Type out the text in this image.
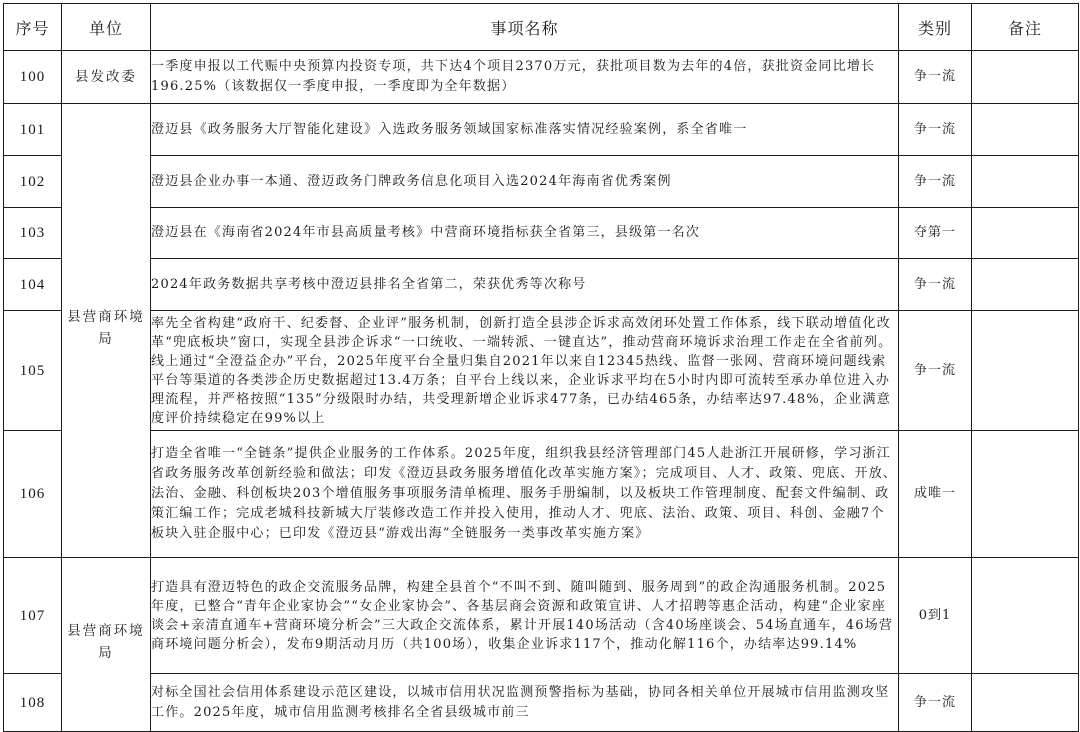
序号	单位	事项名称	类别	备注
100	县发改委	一季度申报以工代赈中央预算内投资专项，共下达4个项目2370万元，获批项目数为去年的4倍，获批资金同比增长196.25%（该数据仅一季度申报，一季度即为全年数据）	争一流	
101	县营商环境局	澄迈县《政务服务大厅智能化建设》入选政务服务领域国家标准落实情况经验案例，系全省唯一	争一流	
102		澄迈县企业办事一本通、澄迈政务门牌政务信息化项目入选2024年海南省优秀案例	争一流	
103		澄迈县在《海南省2024年市县高质量考核》中营商环境指标获全省第三，县级第一名次	夺第一	
104		2024年政务数据共享考核中澄迈县排名全省第二，荣获优秀等次称号	争一流	
105		率先全省构建“政府干、纪委督、企业评”服务机制，创新打造全县涉企诉求高效闭环处置工作体系，线下联动增值化改革“兜底板块”窗口，实现全县涉企诉求“一口统收、一端转派、一键直达”，推动营商环境诉求治理工作走在全省前列。线上通过“全澄益企办”平台，2025年度平台全量归集自2021年以来自12345热线、监督一张网、营商环境问题线索平台等渠道的各类涉企历史数据超过13.4万条；自平台上线以来，企业诉求平均在5小时内即可流转至承办单位进入办理流程，并严格按照“135”分级限时办结，共受理新增企业诉求477条，已办结465条，办结率达97.48%，企业满意度评价持续稳定在99%以上	争一流	
106		打造全省唯一“全链条”提供企业服务的工作体系。2025年度，组织我县经济管理部门45人赴浙江开展研修，学习浙江省政务服务改革创新经验和做法；印发《澄迈县政务服务增值化改革实施方案》；完成项目、人才、政策、兜底、开放、法治、金融、科创板块203个增值服务事项服务清单梳理、服务手册编制，以及板块工作管理制度、配套文件编制、政策汇编工作；完成老城科技新城大厅装修改造工作并投入使用，推动人才、兜底、法治、政策、项目、科创、金融7个板块入驻企服中心；已印发《澄迈县“游戏出海”全链服务一类事改革实施方案》	成唯一	
107	县营商环境局	打造具有澄迈特色的政企交流服务品牌，构建全县首个“不叫不到、随叫随到、服务周到”的政企沟通服务机制。2025年度，已整合“青年企业家协会”“女企业家协会”、各基层商会资源和政策宣讲、人才招聘等惠企活动，构建“企业家座谈会+亲清直通车+营商环境分析会”三大政企交流体系，累计开展140场活动（含40场座谈会、54场直通车，46场营商环境问题分析会），发布9期活动月历（共100场），收集企业诉求117个，推动化解116个，办结率达99.14%	0到1	
108		对标全国社会信用体系建设示范区建设，以城市信用状况监测预警指标为基础，协同各相关单位开展城市信用监测攻坚工作。2025年度，城市信用监测考核排名全省县级城市前三	争一流	
